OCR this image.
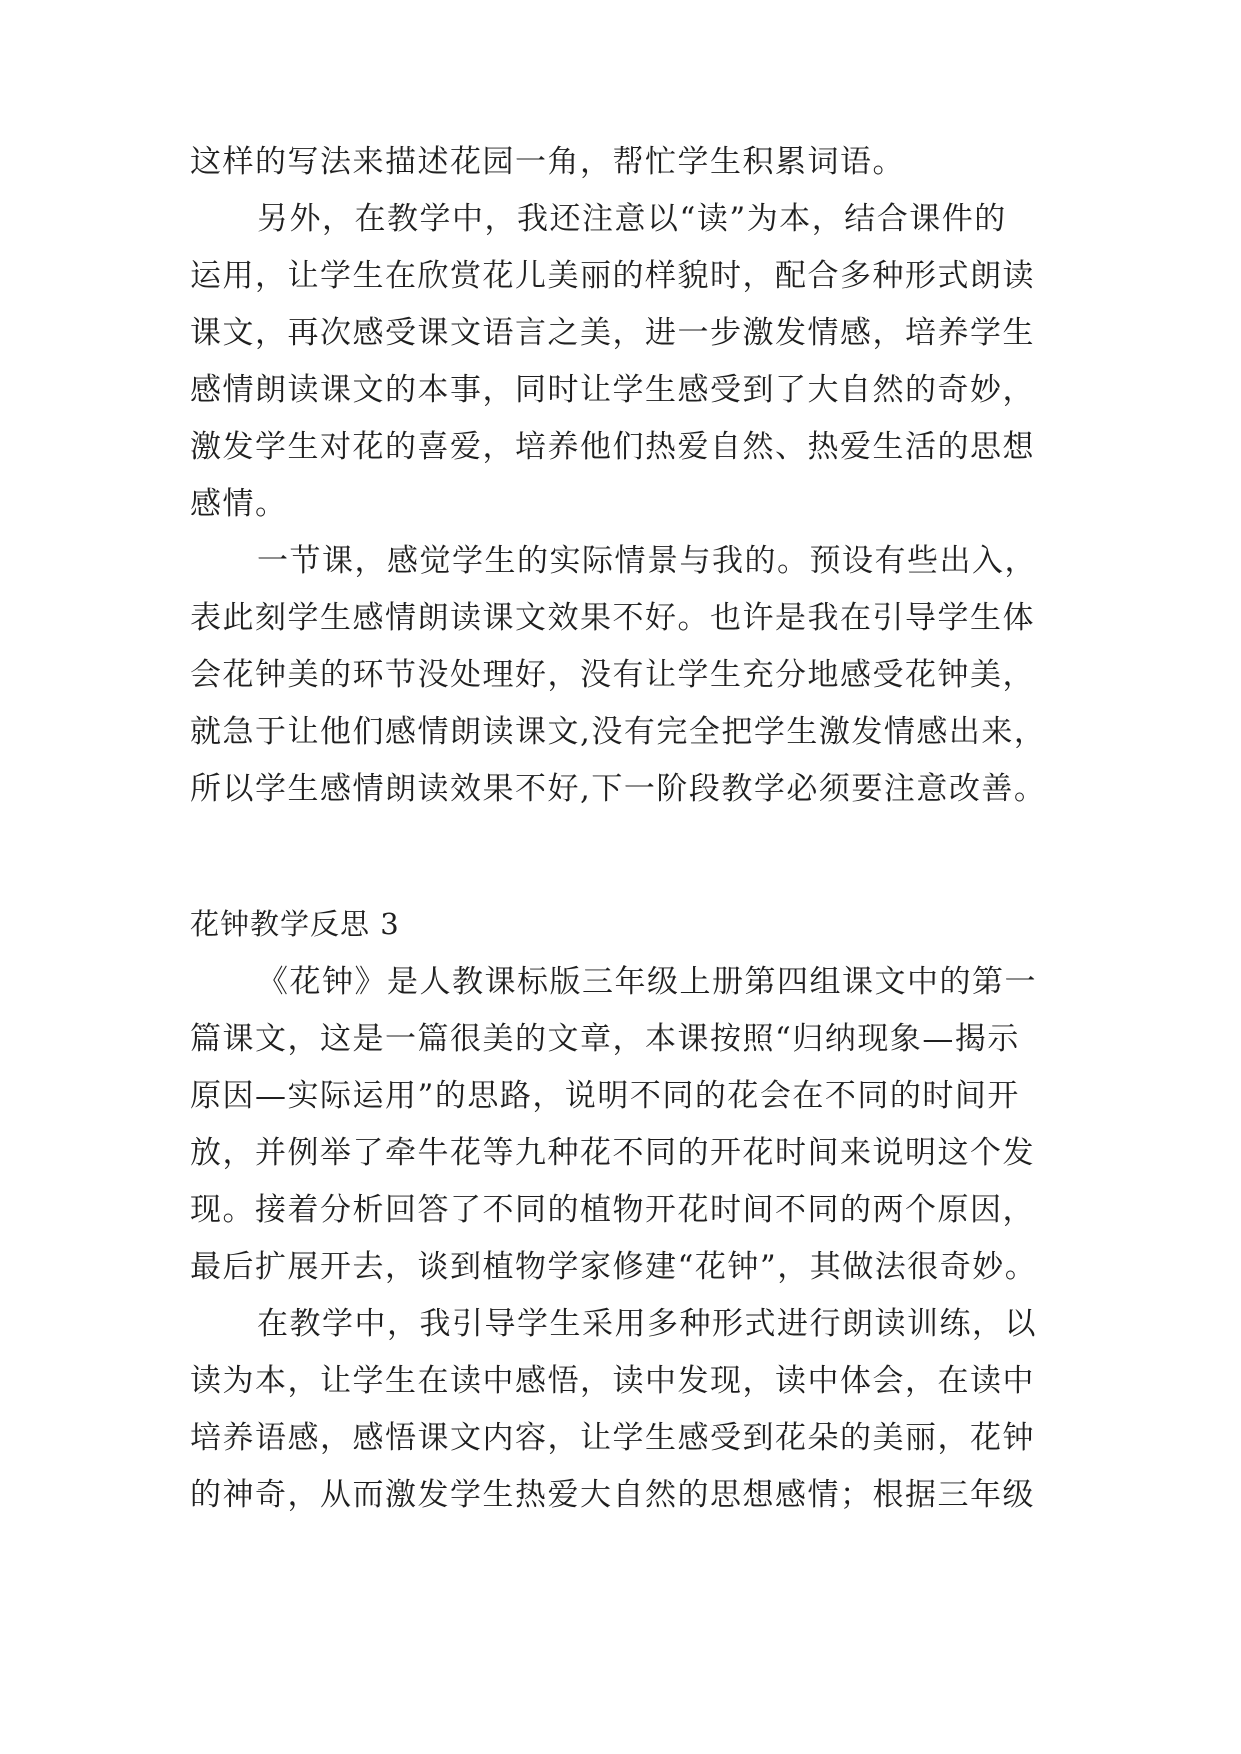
这样的写法来描述花园一角，帮忙学生积累词语。
另外，在教学中，我还注意以“读”为本，结合课件的
运用，让学生在欣赏花儿美丽的样貌时，配合多种形式朗读
课文，再次感受课文语言之美，进一步激发情感，培养学生
感情朗读课文的本事，同时让学生感受到了大自然的奇妙，
激发学生对花的喜爱，培养他们热爱自然、热爱生活的思想
感情。
一节课，感觉学生的实际情景与我的。预设有些出入，
表此刻学生感情朗读课文效果不好。也许是我在引导学生体
会花钟美的环节没处理好，没有让学生充分地感受花钟美，
就急于让他们感情朗读课文,没有完全把学生激发情感出来，
所以学生感情朗读效果不好,下一阶段教学必须要注意改善。
花钟教学反思 3
《花钟》是人教课标版三年级上册第四组课文中的第一
篇课文，这是一篇很美的文章，本课按照“归纳现象—揭示
原因—实际运用”的思路，说明不同的花会在不同的时间开
放，并例举了牵牛花等九种花不同的开花时间来说明这个发
现。接着分析回答了不同的植物开花时间不同的两个原因，
最后扩展开去，谈到植物学家修建“花钟”，其做法很奇妙。
在教学中，我引导学生采用多种形式进行朗读训练，以
读为本，让学生在读中感悟，读中发现，读中体会，在读中
培养语感，感悟课文内容，让学生感受到花朵的美丽，花钟
的神奇，从而激发学生热爱大自然的思想感情；根据三年级
